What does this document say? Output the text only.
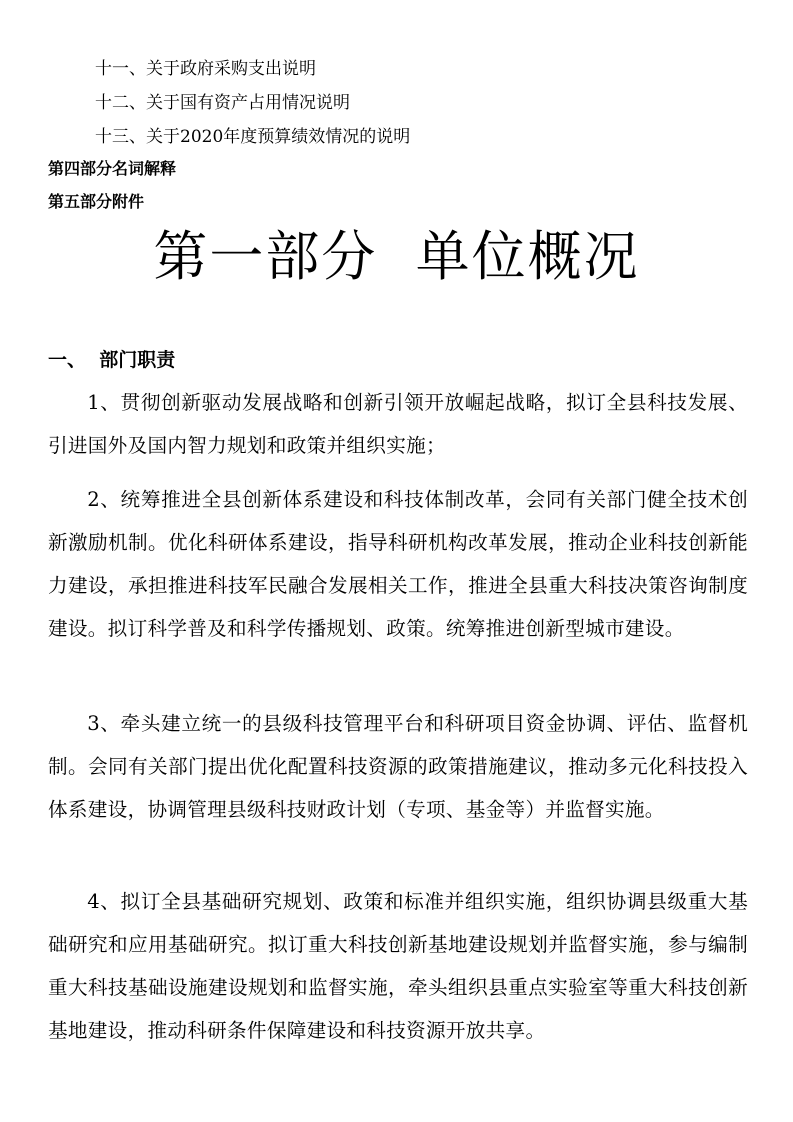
十一、关于政府采购支出说明
十二、关于国有资产占用情况说明
十三、关于2020年度预算绩效情况的说明
第四部分名词解释
第五部分附件
第一部分  单位概况
一、  部门职责
1、贯彻创新驱动发展战略和创新引领开放崛起战略，拟订全县科技发展、引进国外及国内智力规划和政策并组织实施；
2、统筹推进全县创新体系建设和科技体制改革，会同有关部门健全技术创新激励机制。优化科研体系建设，指导科研机构改革发展，推动企业科技创新能力建设，承担推进科技军民融合发展相关工作，推进全县重大科技决策咨询制度建设。拟订科学普及和科学传播规划、政策。统筹推进创新型城市建设。
3、牵头建立统一的县级科技管理平台和科研项目资金协调、评估、监督机制。会同有关部门提出优化配置科技资源的政策措施建议，推动多元化科技投入体系建设，协调管理县级科技财政计划（专项、基金等）并监督实施。
4、拟订全县基础研究规划、政策和标准并组织实施，组织协调县级重大基础研究和应用基础研究。拟订重大科技创新基地建设规划并监督实施，参与编制重大科技基础设施建设规划和监督实施，牵头组织县重点实验室等重大科技创新基地建设，推动科研条件保障建设和科技资源开放共享。
